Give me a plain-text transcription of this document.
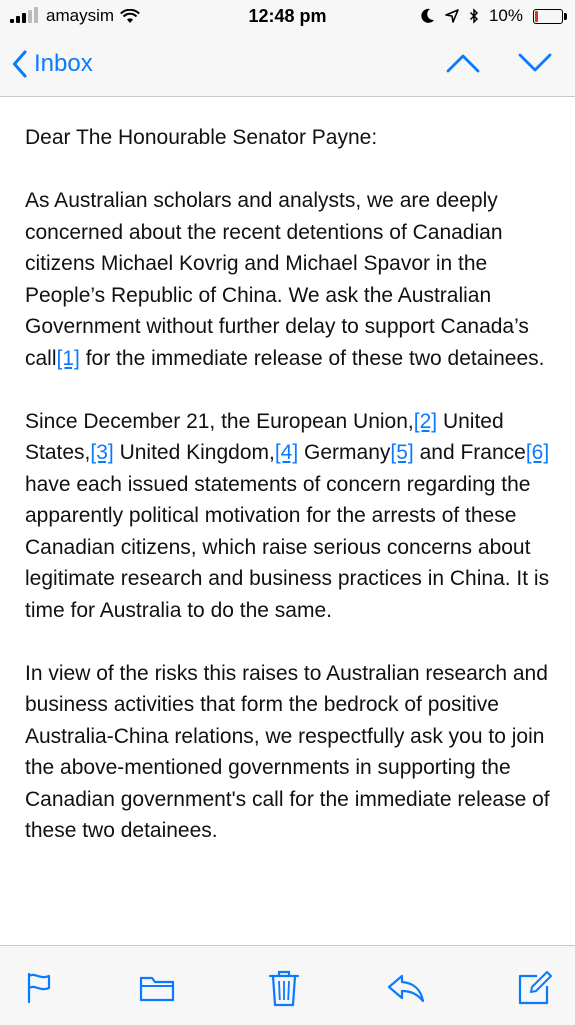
amaysim	12:48 pm	10%
Inbox

Dear The Honourable Senator Payne:

As Australian scholars and analysts, we are deeply concerned about the recent detentions of Canadian citizens Michael Kovrig and Michael Spavor in the People’s Republic of China. We ask the Australian Government without further delay to support Canada’s call[1] for the immediate release of these two detainees.

Since December 21, the European Union,[2] United States,[3] United Kingdom,[4] Germany[5] and France[6] have each issued statements of concern regarding the apparently political motivation for the arrests of these Canadian citizens, which raise serious concerns about legitimate research and business practices in China. It is time for Australia to do the same.

In view of the risks this raises to Australian research and business activities that form the bedrock of positive Australia-China relations, we respectfully ask you to join the above-mentioned governments in supporting the Canadian government's call for the immediate release of these two detainees.
